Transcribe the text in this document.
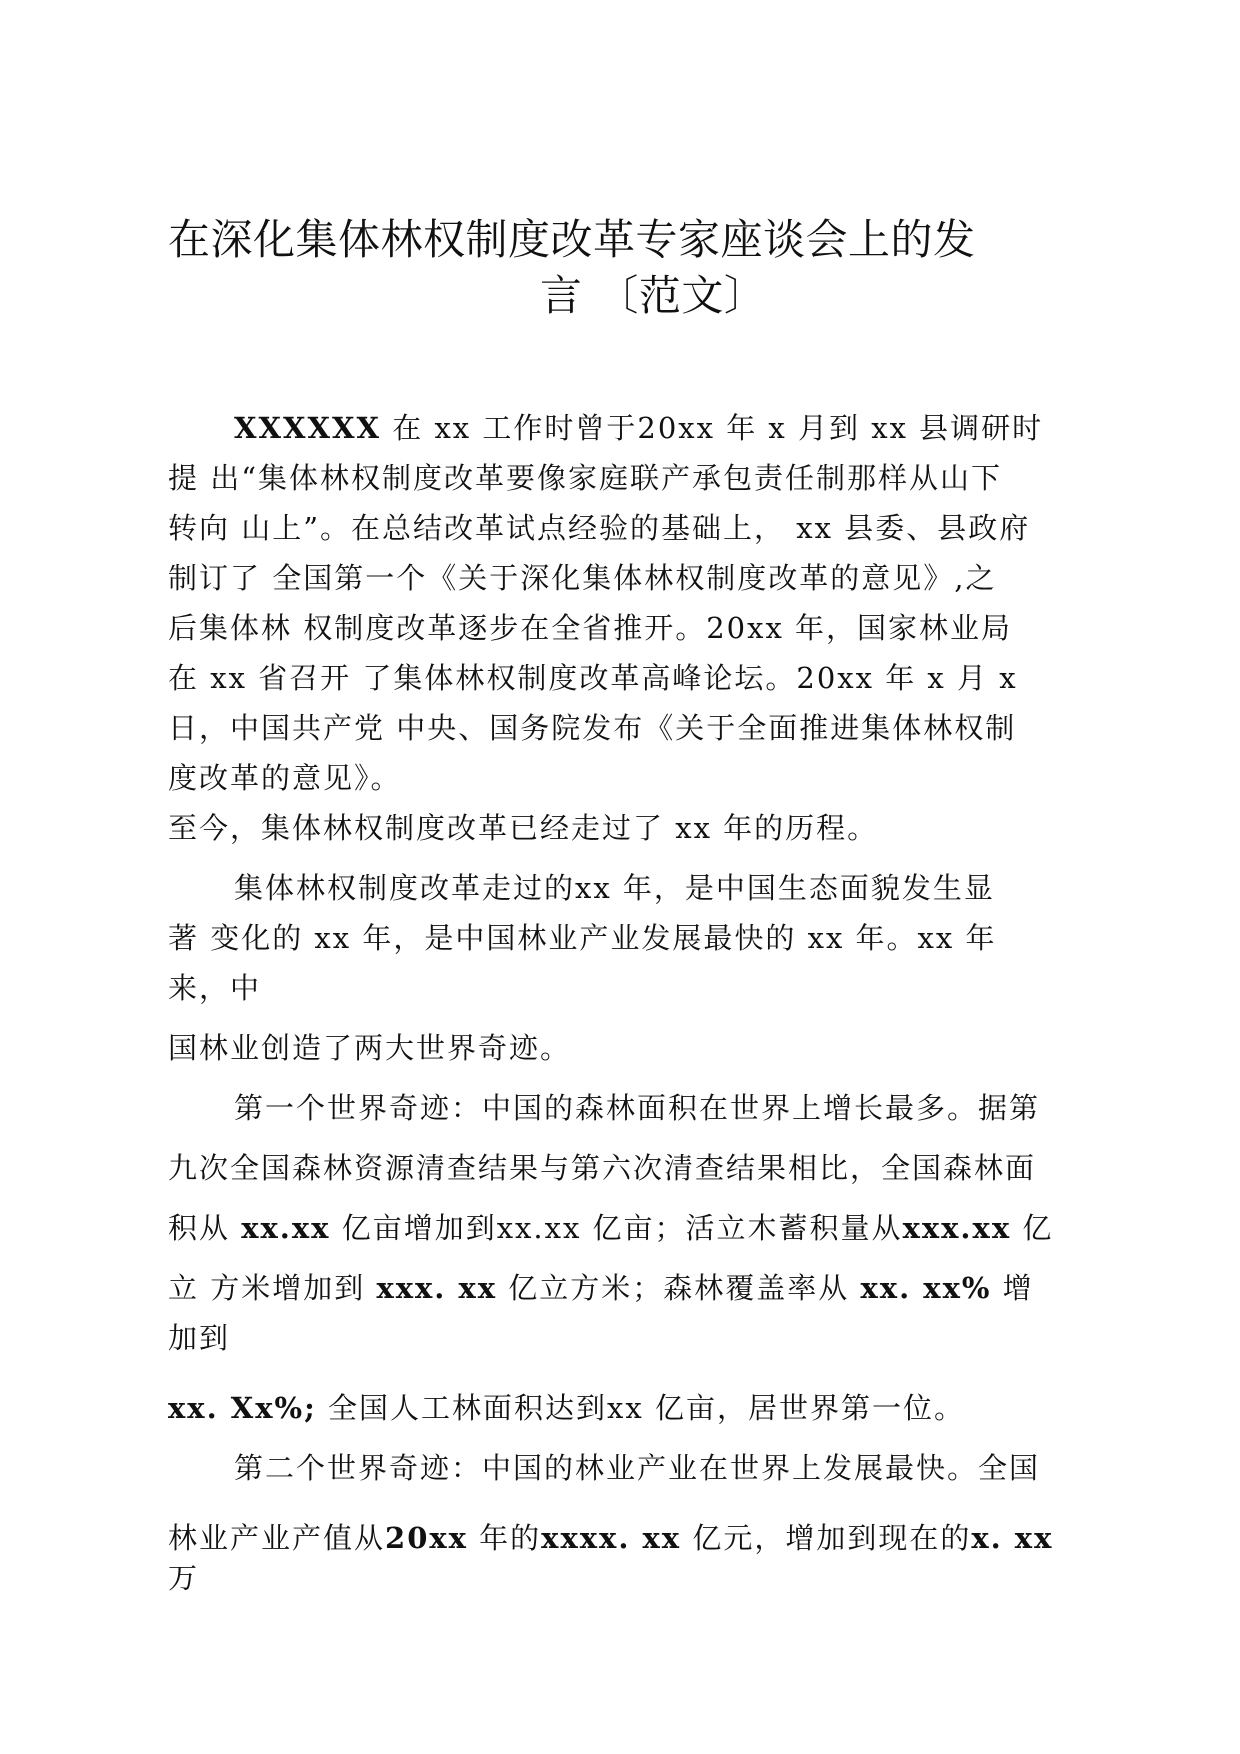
在深化集体林权制度改革专家座谈会上的发
言 〔范文〕
XXXXXX 在 xx 工作时曾于20xx 年 x 月到 xx 县调研时
提 出“集体林权制度改革要像家庭联产承包责任制那样从山下
转向 山上”。在总结改革试点经验的基础上， xx 县委、县政府
制订了 全国第一个《关于深化集体林权制度改革的意见》,之
后集体林 权制度改革逐步在全省推开。20xx 年，国家林业局
在 xx 省召开 了集体林权制度改革高峰论坛。20xx 年 x 月 x
日，中国共产党 中央、国务院发布《关于全面推进集体林权制
度改革的意见》。
至今，集体林权制度改革已经走过了 xx 年的历程。
集体林权制度改革走过的xx 年，是中国生态面貌发生显
著 变化的 xx 年，是中国林业产业发展最快的 xx 年。xx 年
来，中
国林业创造了两大世界奇迹。
第一个世界奇迹：中国的森林面积在世界上增长最多。据第
九次全国森林资源清查结果与第六次清查结果相比，全国森林面
积从 xx.xx 亿亩增加到xx.xx 亿亩；活立木蓄积量从xxx.xx 亿
立 方米增加到 xxx. xx 亿立方米；森林覆盖率从 xx. xx% 增
加到
xx. Xx%; 全国人工林面积达到xx 亿亩，居世界第一位。
第二个世界奇迹：中国的林业产业在世界上发展最快。全国
林业产业产值从20xx 年的xxxx. xx 亿元，增加到现在的x. xx
万
